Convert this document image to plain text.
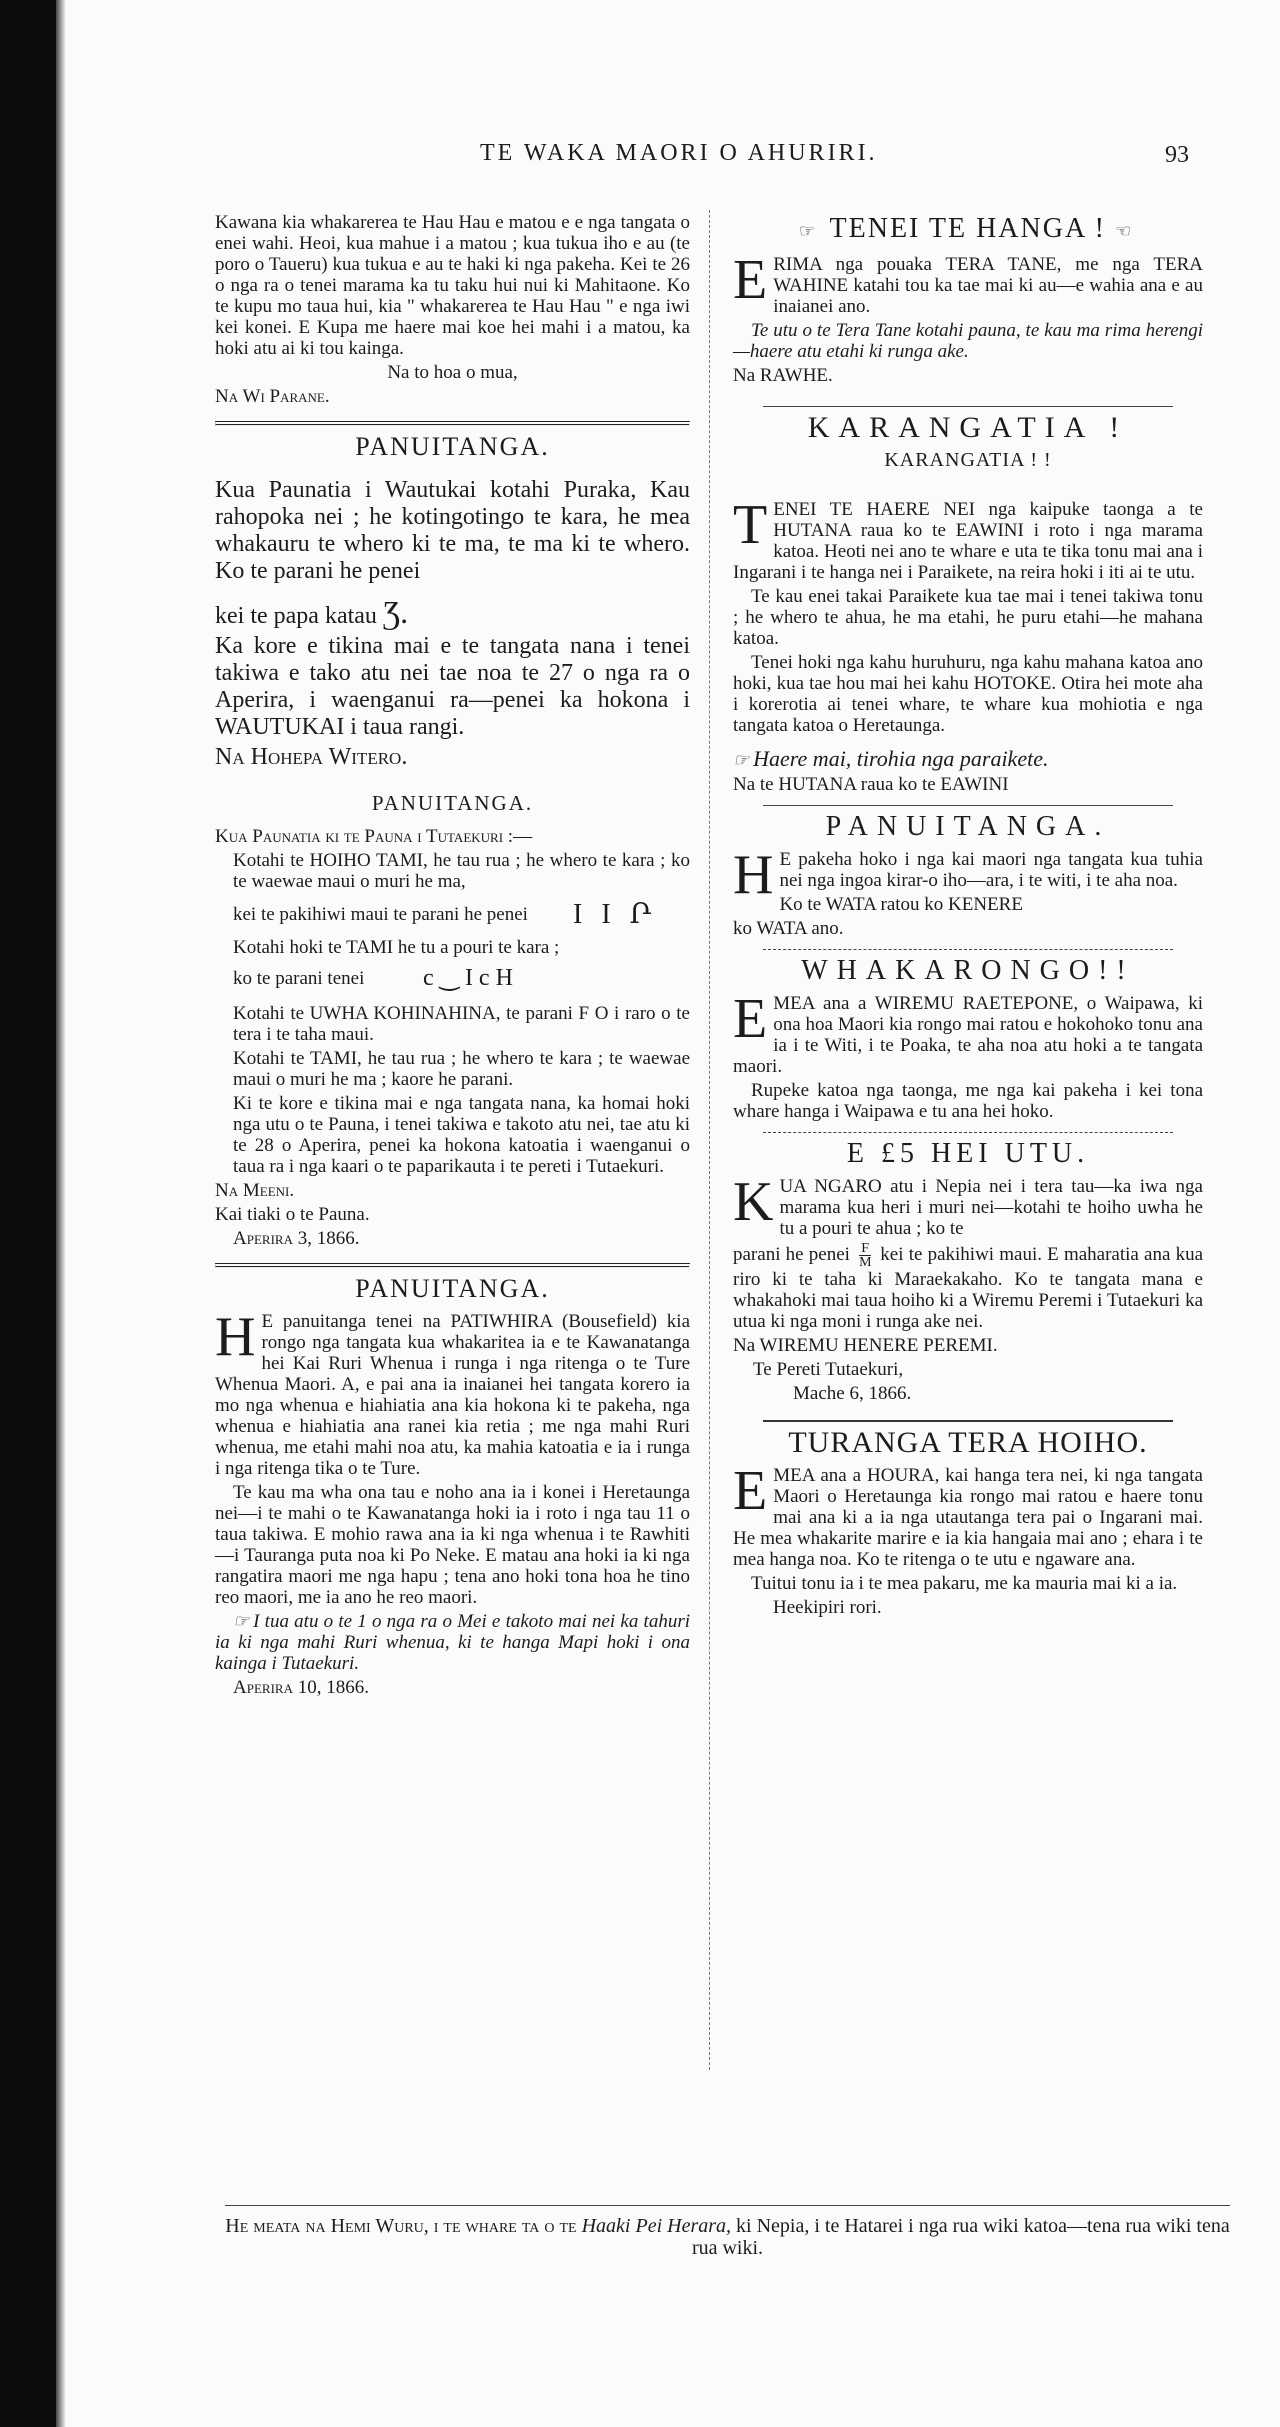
TE WAKA MAORI O AHURIRI.	93

Kawana kia whakarerea te Hau Hau e matou e e nga tangata o enei wahi. Heoi, kua mahue i a matou ; kua tukua iho e au (te poro o Taueru) kua tukua e au te haki ki nga pakeha. Kei te 26 o nga ra o tenei marama ka tu taku hui nui ki Mahitaone. Ko te kupu mo taua hui, kia " whakarerea te Hau Hau " e nga iwi kei konei. E Kupa me haere mai koe hei mahi i a matou, ka hoki atu ai ki tou kainga.

Na to hoa o mua,

Na Wi Parane.

PANUITANGA.

Kua Paunatia i Wautukai kotahi Puraka, Kau rahopoka nei ; he kotingotingo te kara, he mea whakauru te whero ki te ma, te ma ki te whero. Ko te parani he penei

kei te papa katau Ʒ.

Ka kore e tikina mai e te tangata nana i tenei takiwa e tako atu nei tae noa te 27 o nga ra o Aperira, i waenganui ra—penei ka hokona i WAUTUKAI i taua rangi.

Na Hohepa Witero.

PANUITANGA.

Kua Paunatia ki te Pauna i Tutaekuri :—

Kotahi te HOIHO TAMI, he tau rua ; he whero te kara ; ko te waewae maui o muri he ma,

kei te pakihiwi maui te parani he penei	I I Ր

Kotahi hoki te TAMI he tu a pouri te kara ;

ko te parani tenei	c ‿ I c H

Kotahi te UWHA KOHINAHINA, te parani F O i raro o te tera i te taha maui.

Kotahi te TAMI, he tau rua ; he whero te kara ; te waewae maui o muri he ma ; kaore he parani.

Ki te kore e tikina mai e nga tangata nana, ka homai hoki nga utu o te Pauna, i tenei takiwa e takoto atu nei, tae atu ki te 28 o Aperira, penei ka hokona katoatia i waenganui o taua ra i nga kaari o te paparikauta i te pereti i Tutaekuri.

Na Meeni.

Kai tiaki o te Pauna.

Aperira 3, 1866.

PANUITANGA.

H E panuitanga tenei na PATIWHIRA (Bousefield) kia rongo nga tangata kua whakaritea ia e te Kawanatanga hei Kai Ruri Whenua i runga i nga ritenga o te Ture Whenua Maori. A, e pai ana ia inaianei hei tangata korero ia mo nga whenua e hiahiatia ana kia hokona ki te pakeha, nga whenua e hiahiatia ana ranei kia retia ; me nga mahi Ruri whenua, me etahi mahi noa atu, ka mahia katoatia e ia i runga i nga ritenga tika o te Ture.

Te kau ma wha ona tau e noho ana ia i konei i Heretaunga nei—i te mahi o te Kawanatanga hoki ia i roto i nga tau 11 o taua takiwa. E mohio rawa ana ia ki nga whenua i te Rawhiti—i Tauranga puta noa ki Po Neke. E matau ana hoki ia ki nga rangatira maori me nga hapu ; tena ano hoki tona hoa he tino reo maori, me ia ano he reo maori.

☞ I tua atu o te 1 o nga ra o Mei e takoto mai nei ka tahuri ia ki nga mahi Ruri whenua, ki te hanga Mapi hoki i ona kainga i Tutaekuri.

Aperira 10, 1866.

☞ TENEI TE HANGA ! ☜

ERIMA nga pouaka TERA TANE, me nga TERA WAHINE katahi tou ka tae mai ki au—e wahia ana e au inaianei ano.

Te utu o te Tera Tane kotahi pauna, te kau ma rima herengi—haere atu etahi ki runga ake.

Na RAWHE.

KARANGATIA !

KARANGATIA ! !

TENEI TE HAERE NEI nga kaipuke taonga a te HUTANA raua ko te EAWINI i roto i nga marama katoa. Heoti nei ano te whare e uta te tika tonu mai ana i Ingarani i te hanga nei i Paraikete, na reira hoki i iti ai te utu.

Te kau enei takai Paraikete kua tae mai i tenei takiwa tonu ; he whero te ahua, he ma etahi, he puru etahi—he mahana katoa.

Tenei hoki nga kahu huruhuru, nga kahu mahana katoa ano hoki, kua tae hou mai hei kahu HOTOKE. Otira hei mote aha i korerotia ai tenei whare, te whare kua mohiotia e nga tangata katoa o Heretaunga.

☞ Haere mai, tirohia nga paraikete.

Na te HUTANA raua ko te EAWINI

PANUITANGA.

H E pakeha hoko i nga kai maori nga tangata kua tuhia nei nga ingoa kirar-o iho—ara, i te witi, i te aha noa.

Ko te WATA ratou ko KENERE

ko WATA ano.

WHAKARONGO!!

EMEA ana a WIREMU RAETEPONE, o Waipawa, ki ona hoa Maori kia rongo mai ratou e hokohoko tonu ana ia i te Witi, i te Poaka, te aha noa atu hoki a te tangata maori.

Rupeke katoa nga taonga, me nga kai pakeha i kei tona whare hanga i Waipawa e tu ana hei hoko.

E £5 HEI UTU.

KUA NGARO atu i Nepia nei i tera tau—ka iwa nga marama kua heri i muri nei—kotahi te hoiho uwha he tu a pouri te ahua ; ko te

parani he penei $\frac{F}{M}$ kei te pakihiwi maui. E maharatia ana kua riro ki te taha ki Maraekakaho. Ko te tangata mana e whakahoki mai taua hoiho ki a Wiremu Peremi i Tutaekuri ka utua ki nga moni i runga ake nei.

Na WIREMU HENERE PEREMI.

Te Pereti Tutaekuri,

Mache 6, 1866.

TURANGA TERA HOIHO.

EMEA ana a HOURA, kai hanga tera nei, ki nga tangata Maori o Heretaunga kia rongo mai ratou e haere tonu mai ana ki a ia nga utautanga tera pai o Ingarani mai. He mea whakarite marire e ia kia hangaia mai ano ; ehara i te mea hanga noa. Ko te ritenga o te utu e ngaware ana.

Tuitui tonu ia i te mea pakaru, me ka mauria mai ki a ia.

Heekipiri rori.

He meata na Hemi Wuru, i te whare ta o te Haaki Pei Herara, ki Nepia, i te Hatarei i nga rua wiki katoa—tena rua wiki tena rua wiki.
